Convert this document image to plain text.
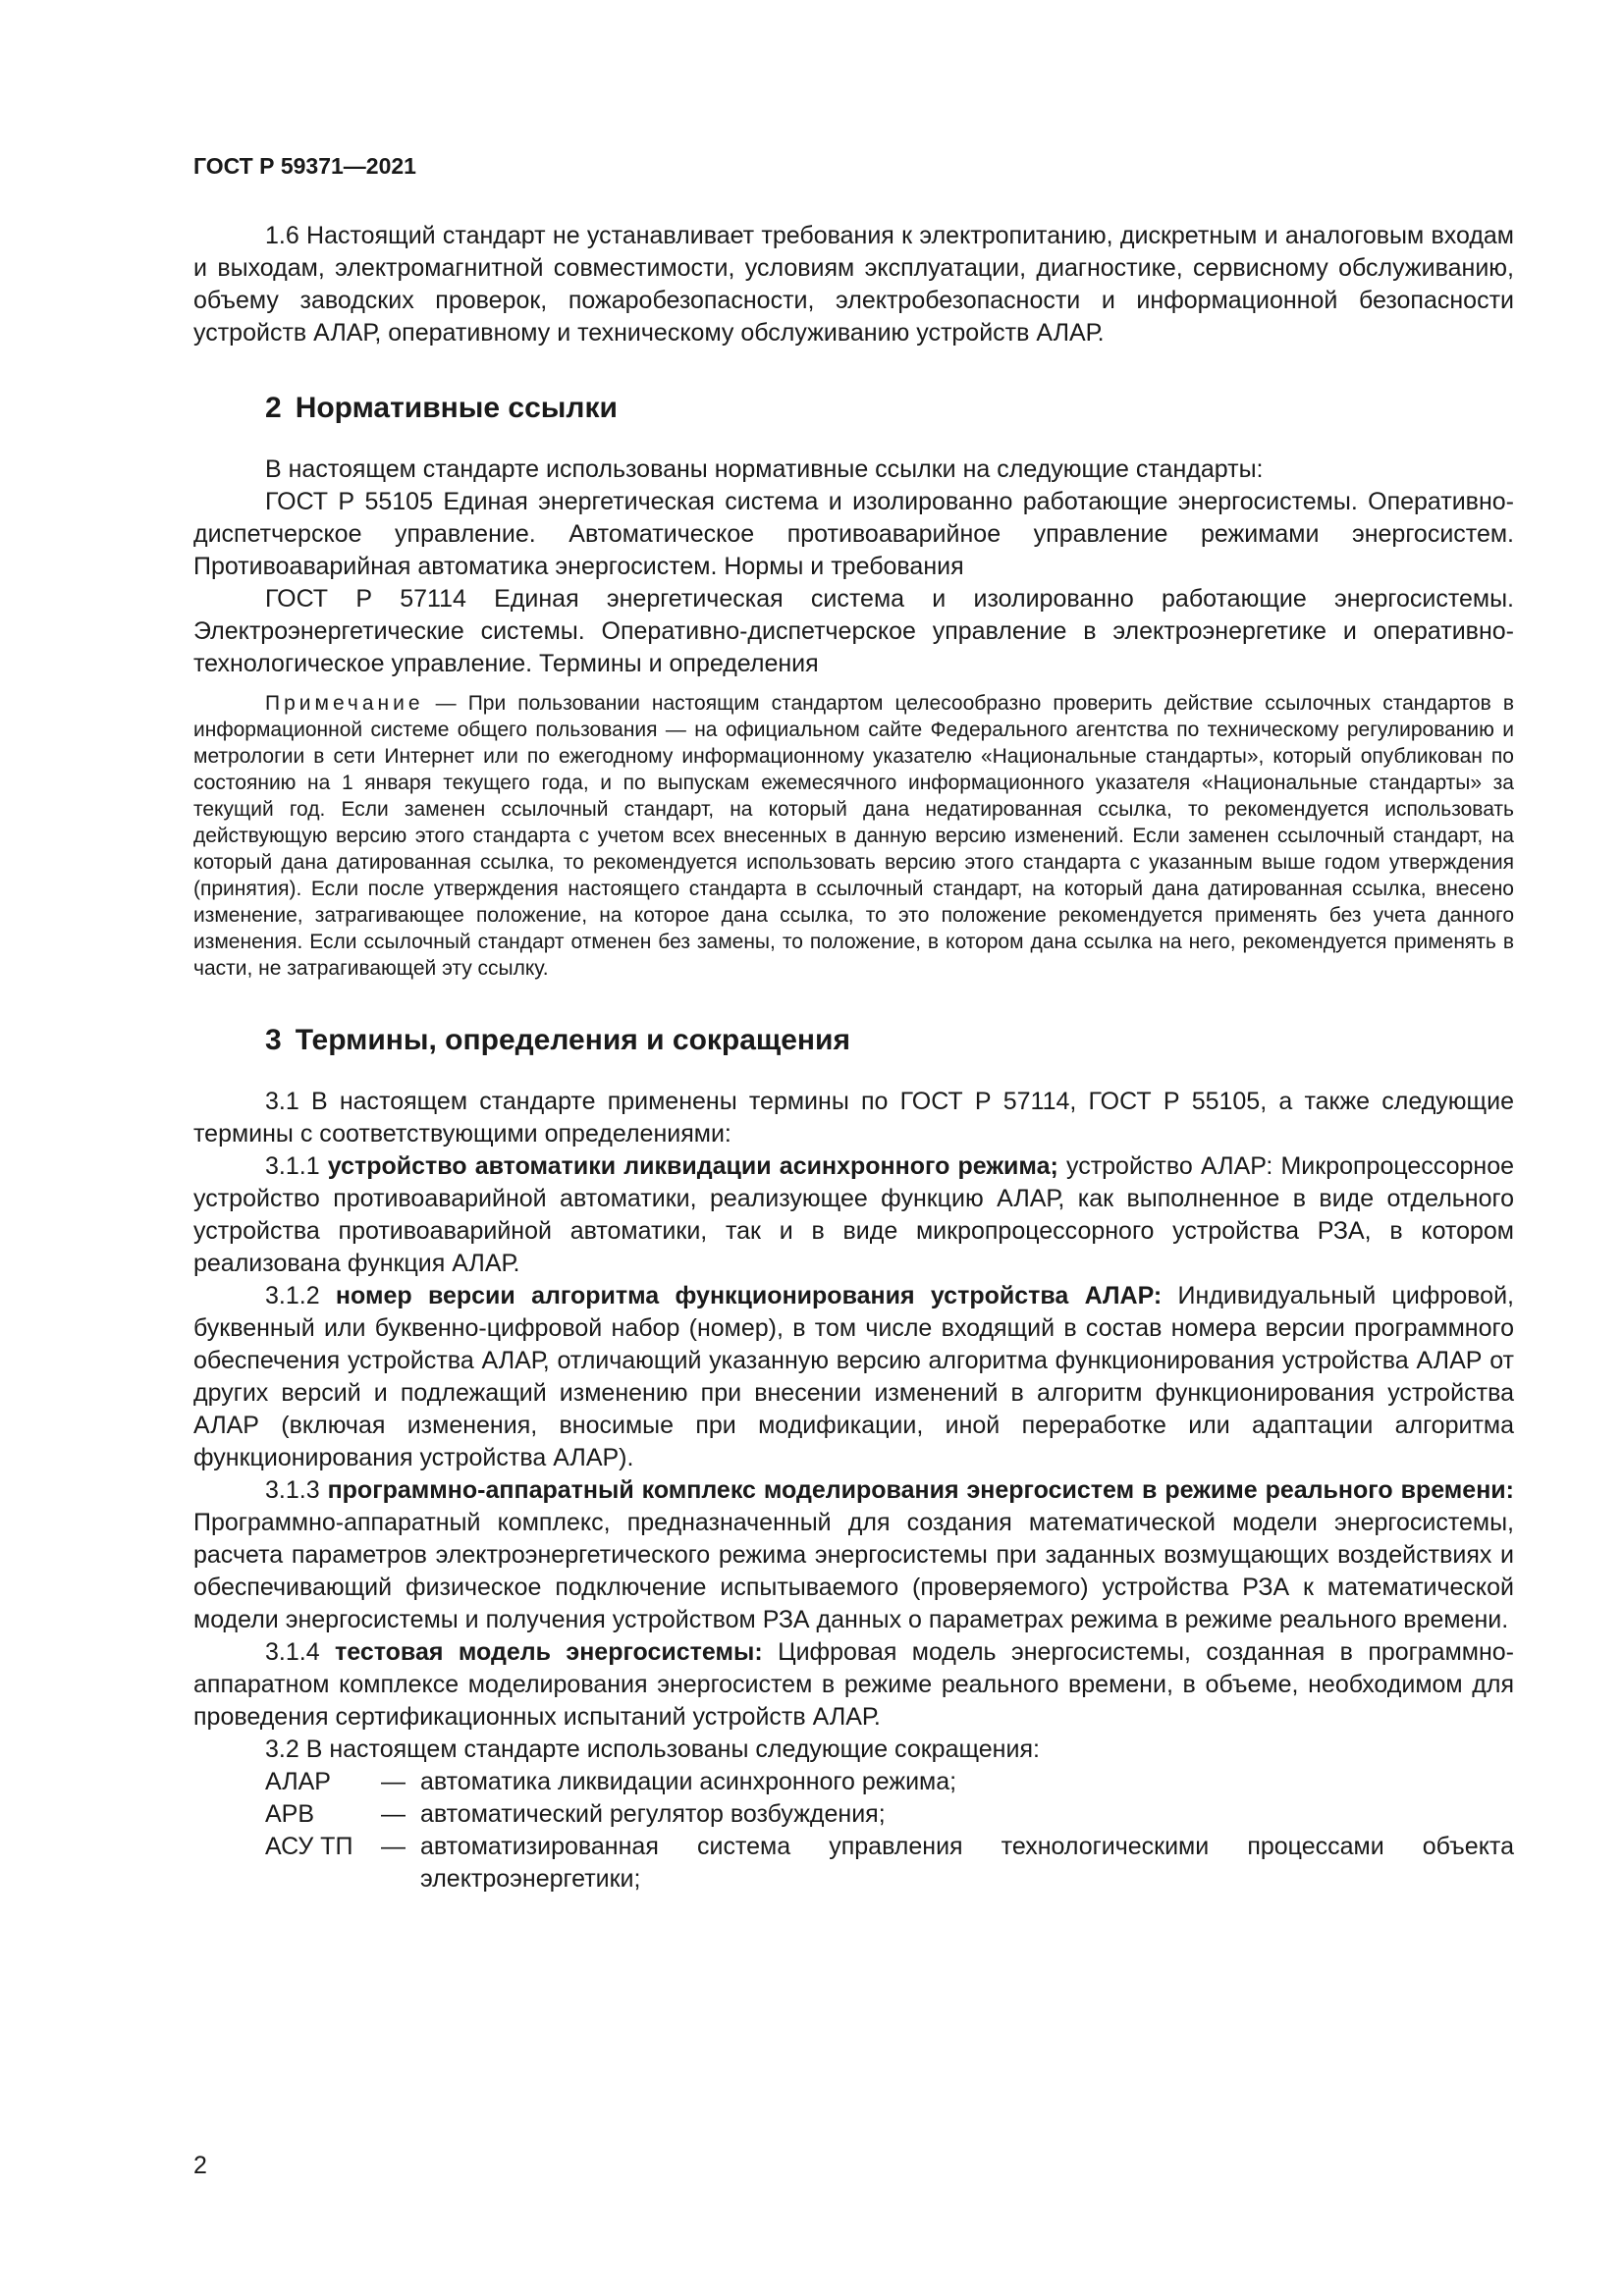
ГОСТ Р 59371—2021

1.6 Настоящий стандарт не устанавливает требования к электропитанию, дискретным и аналоговым входам и выходам, электромагнитной совместимости, условиям эксплуатации, диагностике, сервисному обслуживанию, объему заводских проверок, пожаробезопасности, электробезопасности и информационной безопасности устройств АЛАР, оперативному и техническому обслуживанию устройств АЛАР.

2 Нормативные ссылки

В настоящем стандарте использованы нормативные ссылки на следующие стандарты:

ГОСТ Р 55105 Единая энергетическая система и изолированно работающие энергосистемы. Оперативно-диспетчерское управление. Автоматическое противоаварийное управление режимами энергосистем. Противоаварийная автоматика энергосистем. Нормы и требования

ГОСТ Р 57114 Единая энергетическая система и изолированно работающие энергосистемы. Электроэнергетические системы. Оперативно-диспетчерское управление в электроэнергетике и оперативно-технологическое управление. Термины и определения

Примечание — При пользовании настоящим стандартом целесообразно проверить действие ссылочных стандартов в информационной системе общего пользования — на официальном сайте Федерального агентства по техническому регулированию и метрологии в сети Интернет или по ежегодному информационному указателю «Национальные стандарты», который опубликован по состоянию на 1 января текущего года, и по выпускам ежемесячного информационного указателя «Национальные стандарты» за текущий год. Если заменен ссылочный стандарт, на который дана недатированная ссылка, то рекомендуется использовать действующую версию этого стандарта с учетом всех внесенных в данную версию изменений. Если заменен ссылочный стандарт, на который дана датированная ссылка, то рекомендуется использовать версию этого стандарта с указанным выше годом утверждения (принятия). Если после утверждения настоящего стандарта в ссылочный стандарт, на который дана датированная ссылка, внесено изменение, затрагивающее положение, на которое дана ссылка, то это положение рекомендуется применять без учета данного изменения. Если ссылочный стандарт отменен без замены, то положение, в котором дана ссылка на него, рекомендуется применять в части, не затрагивающей эту ссылку.

3 Термины, определения и сокращения

3.1 В настоящем стандарте применены термины по ГОСТ Р 57114, ГОСТ Р 55105, а также следующие термины с соответствующими определениями:

3.1.1 устройство автоматики ликвидации асинхронного режима; устройство АЛАР: Микропроцессорное устройство противоаварийной автоматики, реализующее функцию АЛАР, как выполненное в виде отдельного устройства противоаварийной автоматики, так и в виде микропроцессорного устройства РЗА, в котором реализована функция АЛАР.

3.1.2 номер версии алгоритма функционирования устройства АЛАР: Индивидуальный цифровой, буквенный или буквенно-цифровой набор (номер), в том числе входящий в состав номера версии программного обеспечения устройства АЛАР, отличающий указанную версию алгоритма функционирования устройства АЛАР от других версий и подлежащий изменению при внесении изменений в алгоритм функционирования устройства АЛАР (включая изменения, вносимые при модификации, иной переработке или адаптации алгоритма функционирования устройства АЛАР).

3.1.3 программно-аппаратный комплекс моделирования энергосистем в режиме реального времени: Программно-аппаратный комплекс, предназначенный для создания математической модели энергосистемы, расчета параметров электроэнергетического режима энергосистемы при заданных возмущающих воздействиях и обеспечивающий физическое подключение испытываемого (проверяемого) устройства РЗА к математической модели энергосистемы и получения устройством РЗА данных о параметрах режима в режиме реального времени.

3.1.4 тестовая модель энергосистемы: Цифровая модель энергосистемы, созданная в программно-аппаратном комплексе моделирования энергосистем в режиме реального времени, в объеме, необходимом для проведения сертификационных испытаний устройств АЛАР.

3.2 В настоящем стандарте использованы следующие сокращения:

АЛАР	— автоматика ликвидации асинхронного режима;
АРВ	— автоматический регулятор возбуждения;
АСУ ТП	— автоматизированная система управления технологическими процессами объекта электроэнергетики;
2
